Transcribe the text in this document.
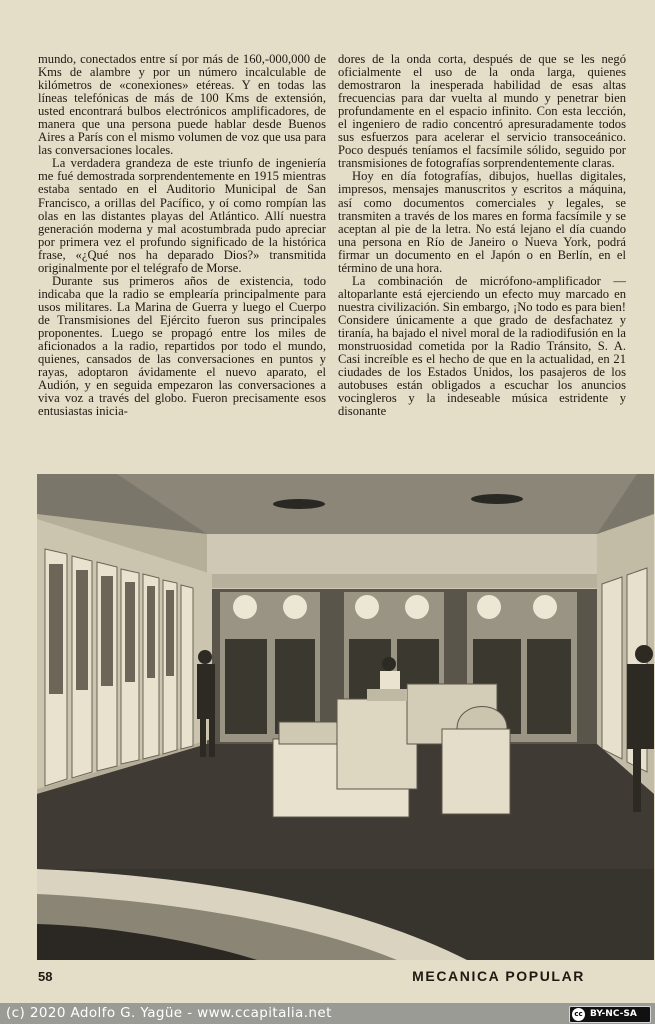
mundo, conectados entre sí por más de 160,-000,000 de Kms de alambre y por un número incalculable de kilómetros de «conexiones» etéreas. Y en todas las líneas telefónicas de más de 100 Kms de extensión, usted encontrará bulbos electrónicos amplificadores, de manera que una persona puede hablar desde Buenos Aires a París con el mismo volumen de voz que usa para las conversaciones locales.

La verdadera grandeza de este triunfo de ingeniería me fué demostrada sorprendentemente en 1915 mientras estaba sentado en el Auditorio Municipal de San Francisco, a orillas del Pacífico, y oí como rompían las olas en las distantes playas del Atlántico. Allí nuestra generación moderna y mal acostumbrada pudo apreciar por primera vez el profundo significado de la histórica frase, «¿Qué nos ha deparado Dios?» transmitida originalmente por el telégrafo de Morse.

Durante sus primeros años de existencia, todo indicaba que la radio se emplearía principalmente para usos militares. La Marina de Guerra y luego el Cuerpo de Transmisiones del Ejército fueron sus principales proponentes. Luego se propagó entre los miles de aficionados a la radio, repartidos por todo el mundo, quienes, cansados de las conversaciones en puntos y rayas, adoptaron ávidamente el nuevo aparato, el Audión, y en seguida empezaron las conversaciones a viva voz a través del globo. Fueron precisamente esos entusiastas inicia-

dores de la onda corta, después de que se les negó oficialmente el uso de la onda larga, quienes demostraron la inesperada habilidad de esas altas frecuencias para dar vuelta al mundo y penetrar bien profundamente en el espacio infinito. Con esta lección, el ingeniero de radio concentró apresuradamente todos sus esfuerzos para acelerar el servicio transoceánico. Poco después teníamos el facsímile sólido, seguido por transmisiones de fotografías sorprendentemente claras.

Hoy en día fotografías, dibujos, huellas digitales, impresos, mensajes manuscritos y escritos a máquina, así como documentos comerciales y legales, se transmiten a través de los mares en forma facsímile y se aceptan al pie de la letra. No está lejano el día cuando una persona en Río de Janeiro o Nueva York, podrá firmar un documento en el Japón o en Berlín, en el término de una hora.

La combinación de micrófono-amplificador —altoparlante está ejerciendo un efecto muy marcado en nuestra civilización. Sin embargo, ¡No todo es para bien! Considere únicamente a que grado de desfachatez y tiranía, ha bajado el nivel moral de la radiodifusión en la monstruosidad cometida por la Radio Tránsito, S. A. Casi increíble es el hecho de que en la actualidad, en 21 ciudades de los Estados Unidos, los pasajeros de los autobuses están obligados a escuchar los anuncios vocingleros y la indeseable música estridente y disonante

58	MECANICA POPULAR
(c) 2020 Adolfo G. Yagüe - www.ccapitalia.net	cc BY-NC-SA
